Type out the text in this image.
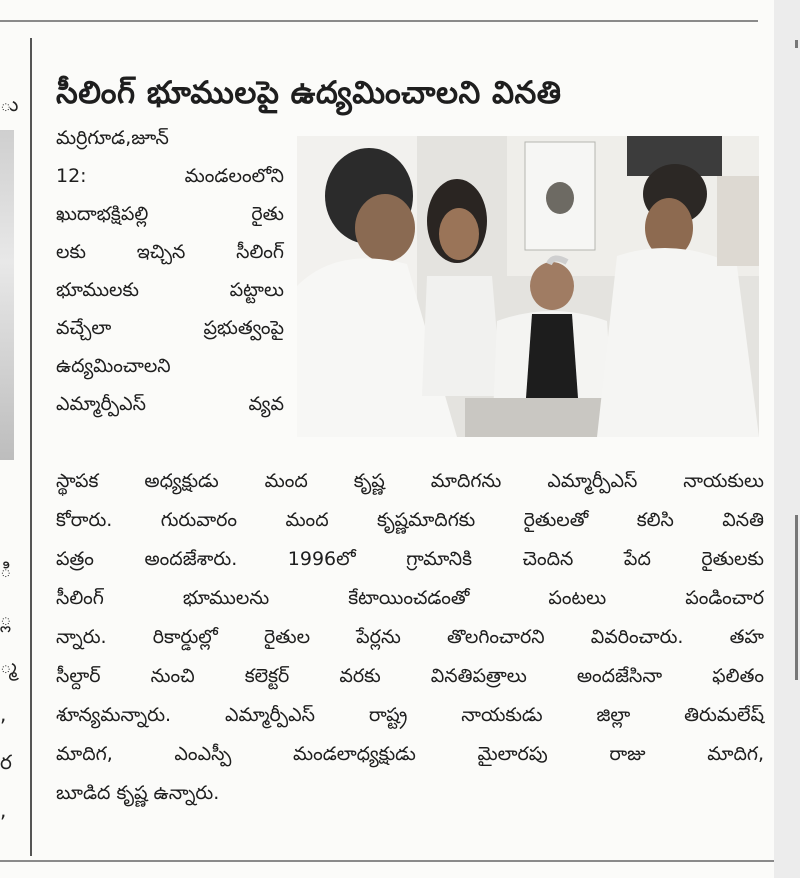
ు
ి
్ల
్మ
,
ర
,
సీలింగ్ భూములపై ఉద్యమించాలని వినతి
మర్రిగూడ,జూన్
12: మండలంలోని
ఖుదాభక్షిపల్లి రైతు
లకు ఇచ్చిన సీలింగ్
భూములకు పట్టాలు
వచ్చేలా ప్రభుత్వంపై
ఉద్యమించాలని
ఎమ్మార్పీఎస్ వ్యవ
స్థాపక అధ్యక్షుడు మంద కృష్ణ మాదిగను ఎమ్మార్పీఎస్ నాయకులు
కోరారు. గురువారం మంద కృష్ణమాదిగకు రైతులతో కలిసి వినతి
పత్రం అందజేశారు. 1996లో గ్రామానికి చెందిన పేద రైతులకు
సీలింగ్ భూములను కేటాయించడంతో పంటలు పండించార
న్నారు. రికార్డుల్లో రైతుల పేర్లను తొలగించారని వివరించారు. తహ
సీల్దార్ నుంచి కలెక్టర్ వరకు వినతిపత్రాలు అందజేసినా ఫలితం
శూన్యమన్నారు. ఎమ్మార్పీఎస్ రాష్ట్ర నాయకుడు జిల్లా తిరుమలేష్
మాదిగ, ఎంఎస్పీ మండలాధ్యక్షుడు మైలారపు రాజు మాదిగ,
బూడిద కృష్ణ ఉన్నారు.
